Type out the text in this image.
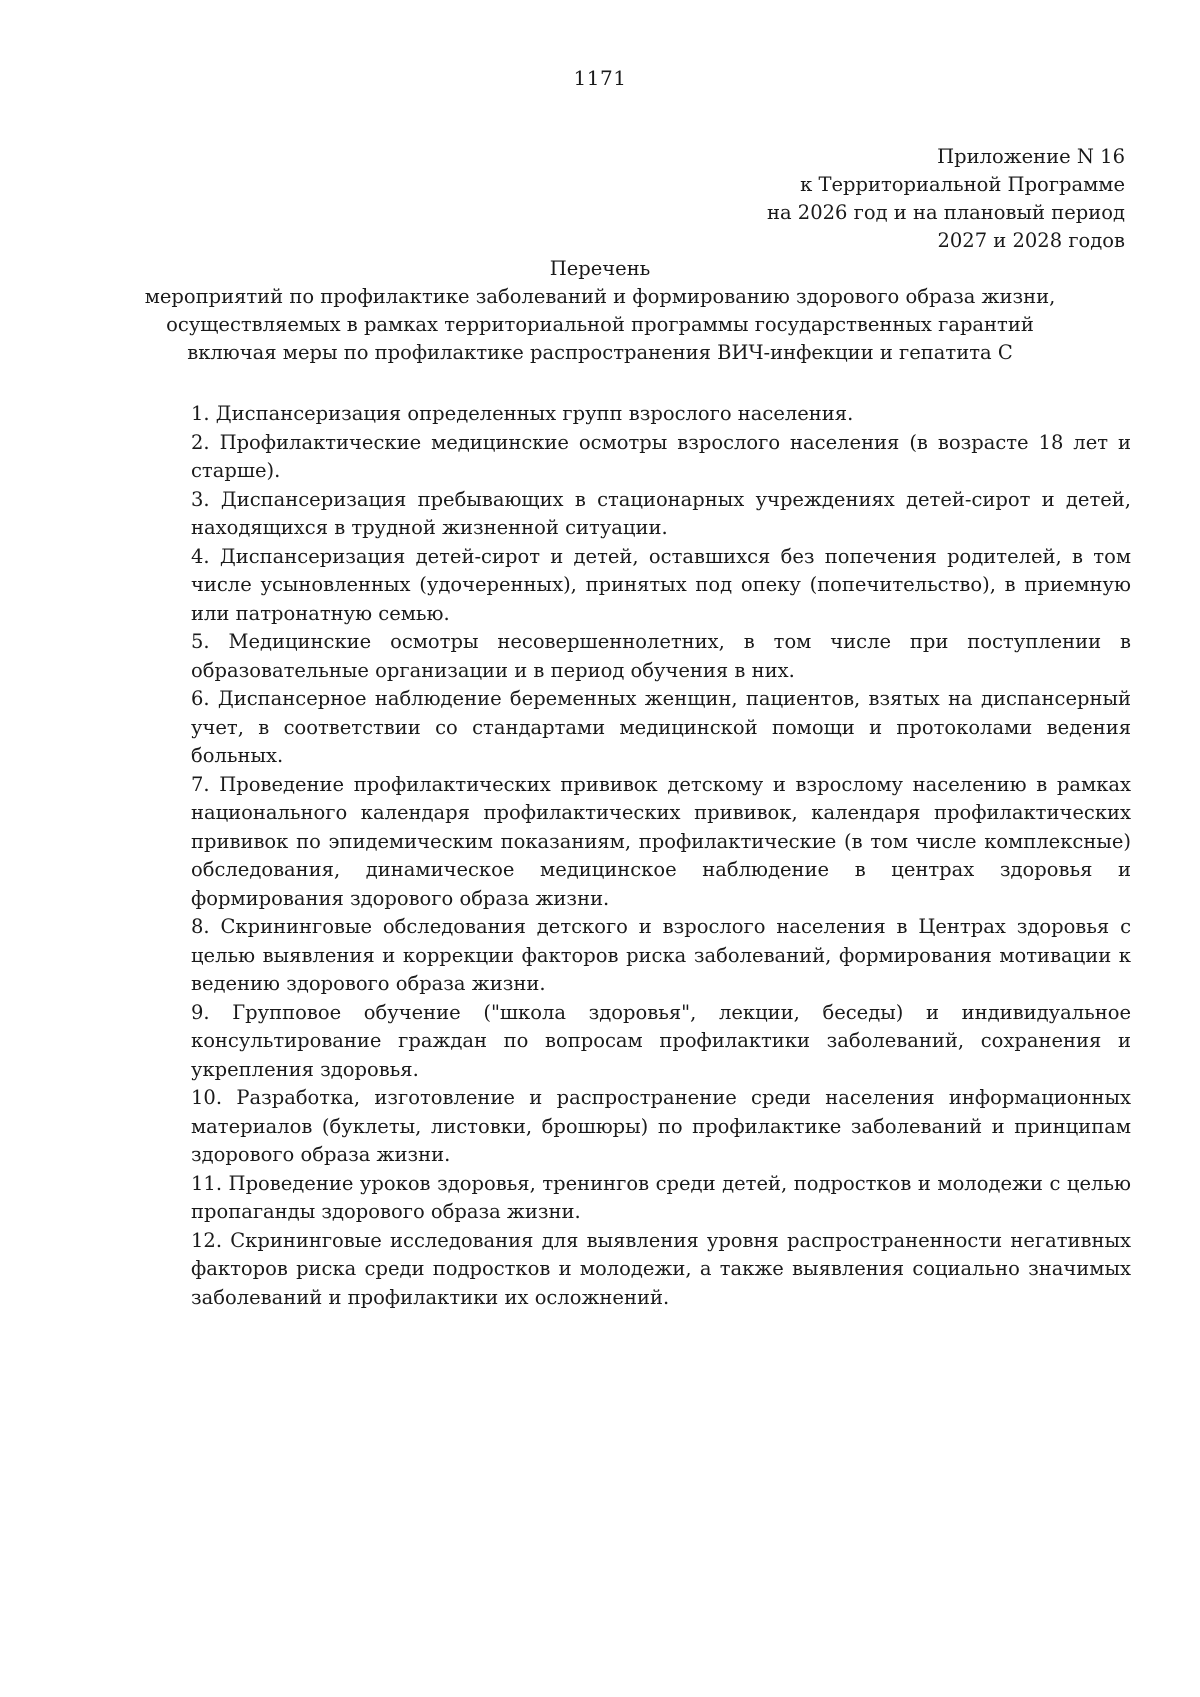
1171
Приложение N 16
к Территориальной Программе
на 2026 год и на плановый период
2027 и 2028 годов
Перечень
мероприятий по профилактике заболеваний и формированию здорового образа жизни,
осуществляемых в рамках территориальной программы государственных гарантий
включая меры по профилактике распространения ВИЧ-инфекции и гепатита С

1. Диспансеризация определенных групп взрослого населения.

2. Профилактические медицинские осмотры взрослого населения (в возрасте 18 лет и старше).

3. Диспансеризация пребывающих в стационарных учреждениях детей-сирот и детей, находящихся в трудной жизненной ситуации.

4. Диспансеризация детей-сирот и детей, оставшихся без попечения родителей, в том числе усыновленных (удочеренных), принятых под опеку (попечительство), в приемную или патронатную семью.

5. Медицинские осмотры несовершеннолетних, в том числе при поступлении в образовательные организации и в период обучения в них.

6. Диспансерное наблюдение беременных женщин, пациентов, взятых на диспансерный учет, в соответствии со стандартами медицинской помощи и протоколами ведения больных.

7. Проведение профилактических прививок детскому и взрослому населению в рамках национального календаря профилактических прививок, календаря профилактических прививок по эпидемическим показаниям, профилактические (в том числе комплексные) обследования, динамическое медицинское наблюдение в центрах здоровья и формирования здорового образа жизни.

8. Скрининговые обследования детского и взрослого населения в Центрах здоровья с целью выявления и коррекции факторов риска заболеваний, формирования мотивации к ведению здорового образа жизни.

9. Групповое обучение ("школа здоровья", лекции, беседы) и индивидуальное консультирование граждан по вопросам профилактики заболеваний, сохранения и укрепления здоровья.

10. Разработка, изготовление и распространение среди населения информационных материалов (буклеты, листовки, брошюры) по профилактике заболеваний и принципам здорового образа жизни.

11. Проведение уроков здоровья, тренингов среди детей, подростков и молодежи с целью пропаганды здорового образа жизни.

12. Скрининговые исследования для выявления уровня распространенности негативных факторов риска среди подростков и молодежи, а также выявления социально значимых заболеваний и профилактики их осложнений.
